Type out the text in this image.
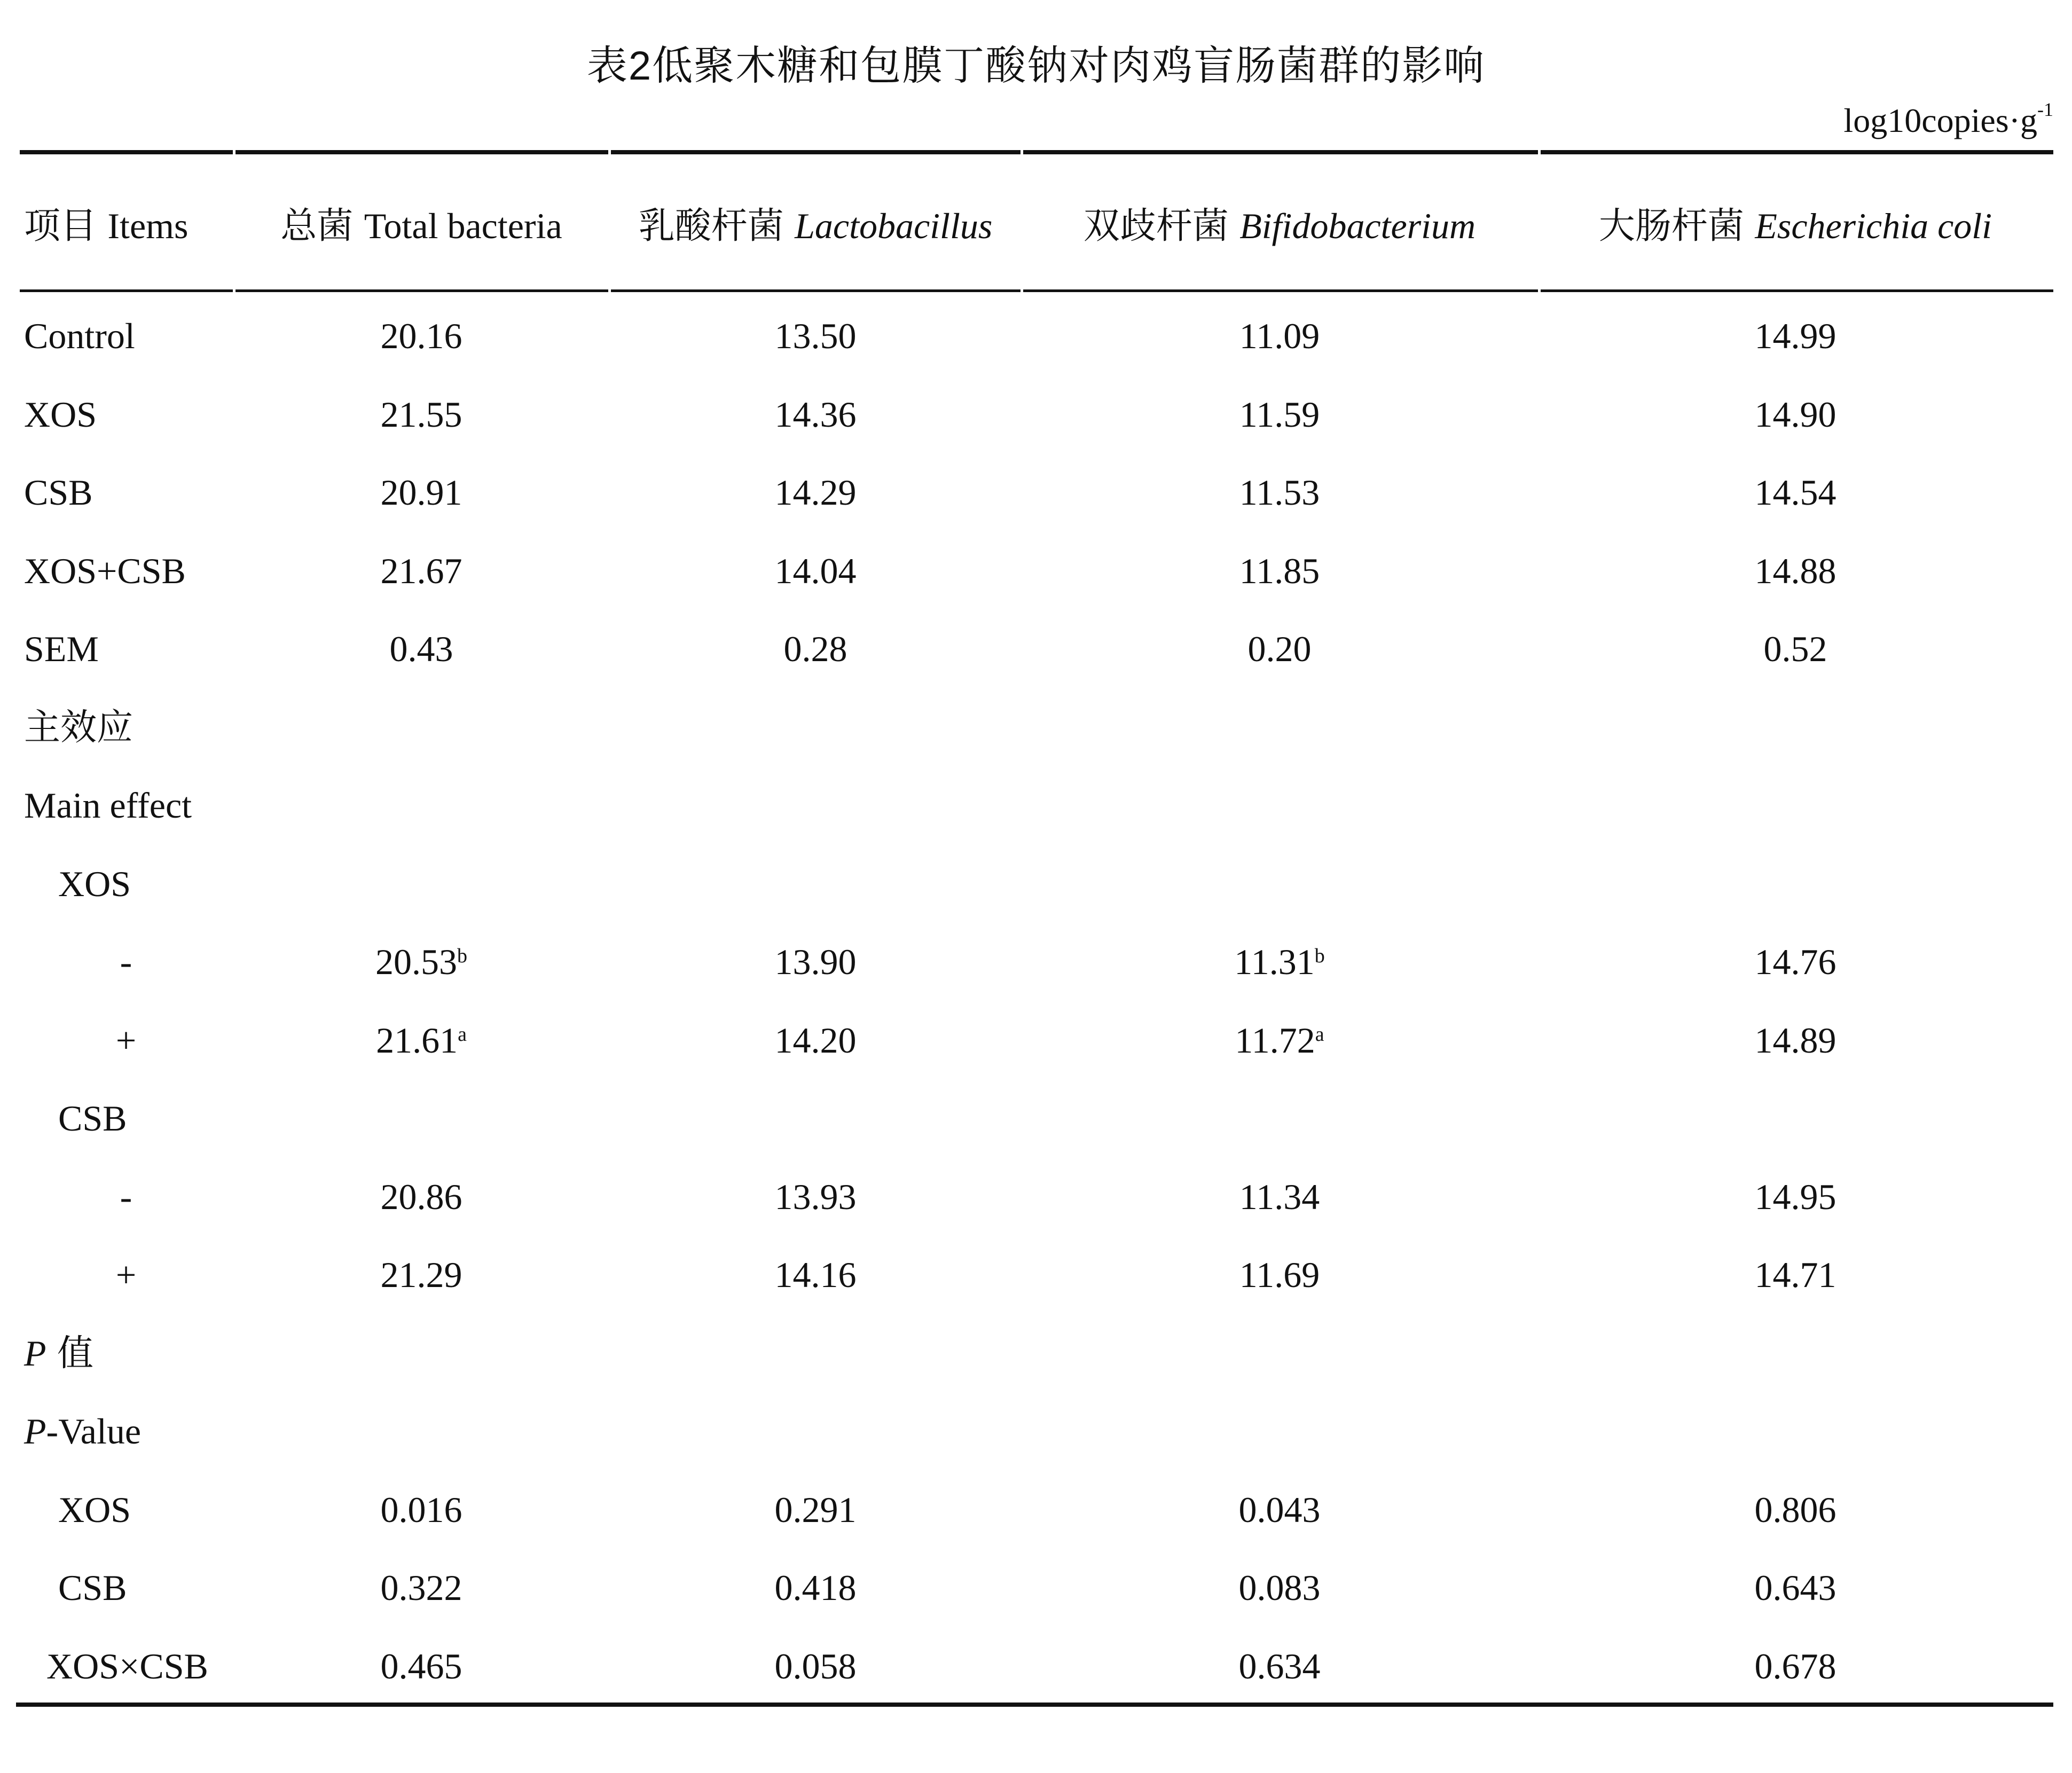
表2低聚木糖和包膜丁酸钠对肉鸡盲肠菌群的影响
$\log 10copies\cdot g^{-1}$
项目 Items	总菌 Total bacteria	乳酸杆菌 Lactobacillus	双歧杆菌 Bifidobacterium	大肠杆菌 Escherichia coli
Control	20.16	13.50	11.09	14.99
XOS	21.55	14.36	11.59	14.90
CSB	20.91	14.29	11.53	14.54
XOS+CSB	21.67	14.04	11.85	14.88
SEM	0.43	0.28	0.20	0.52
主效应
Main effect
XOS
-	20.53$^b$	13.90	11.31$^b$	14.76
+	21.61$^a$	14.20	11.72$^a$	14.89
CSB
-	20.86	13.93	11.34	14.95
+	21.29	14.16	11.69	14.71
P 值
P-Value
XOS	0.016	0.291	0.043	0.806
CSB	0.322	0.418	0.083	0.643
XOS×CSB	0.465	0.058	0.634	0.678
